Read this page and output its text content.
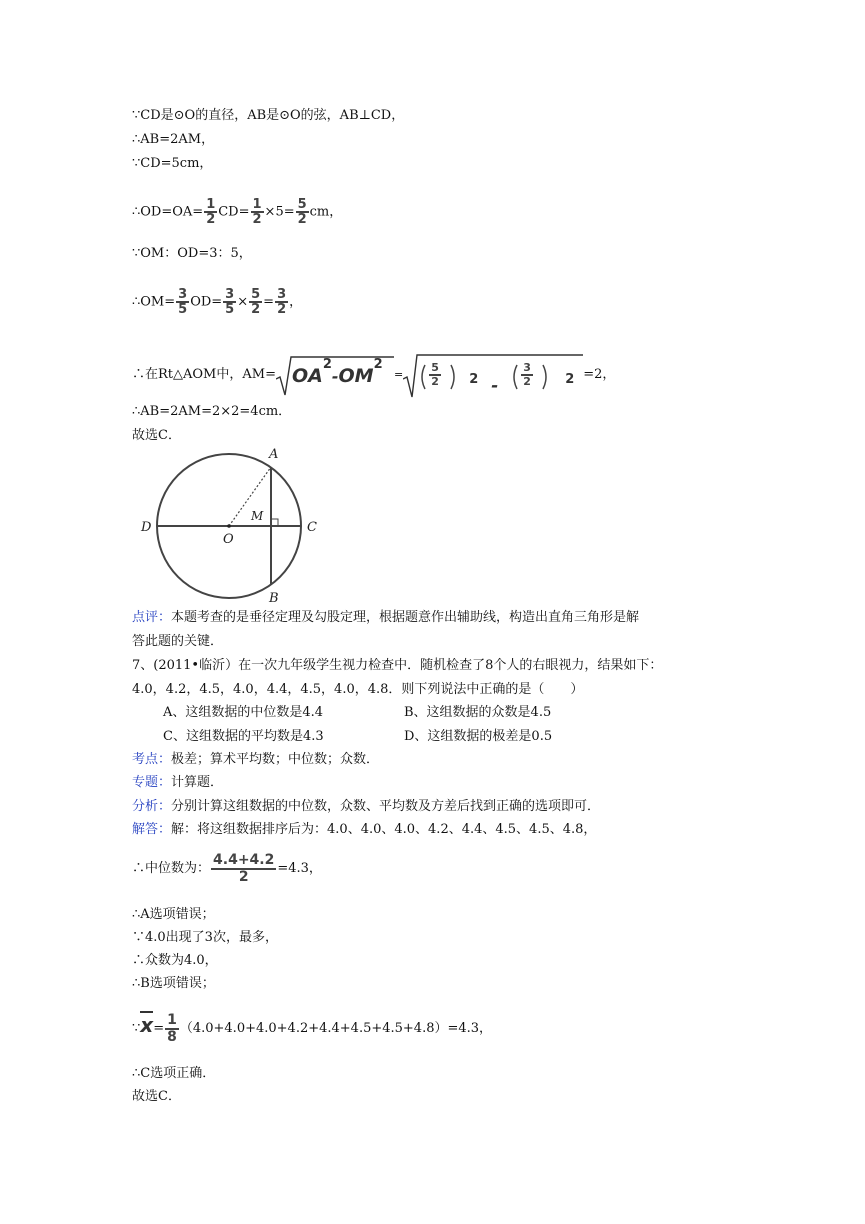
∵CD是⊙O的直径，AB是⊙O的弦，AB⊥CD，
∴AB=2AM，
∵CD=5cm，
∴OD=OA= $\frac{1}{2} CD= \frac{1}{2} \times 5= \frac{5}{2}$ cm，
∵OM：OD=3：5，
∴OM= $\frac{3}{5} OD= \frac{3}{5} \times \frac{5}{2} = \frac{3}{2}$ ，
∴在Rt△AOM中，AM= OA2-OM2
= $\frac{5}{2} 2 - \frac{3}{2} 2 =2$，
∴AB=2AM=2×2=4cm．
故选C．
A
B
C
D
O
M
点评：本题考查的是垂径定理及勾股定理，根据题意作出辅助线，构造出直角三角形是解
答此题的关键．
7、(2011•临沂）在一次九年级学生视力检查中．随机检查了8个人的右眼视力，结果如下：
4.0，4.2，4.5，4.0，4.4，4.5，4.0，4.8．则下列说法中正确的是（　　）
A、这组数据的中位数是4.4	B、这组数据的众数是4.5
C、这组数据的平均数是4.3	D、这组数据的极差是0.5
考点：极差；算术平均数；中位数；众数．
专题：计算题．
分析：分别计算这组数据的中位数，众数、平均数及方差后找到正确的选项即可．
解答：解：将这组数据排序后为：4.0、4.0、4.0、4.2、4.4、4.5、4.5、4.8，
∴中位数为： $\frac{4.4+4.2}{2} =4.3$，
∴A选项错误；
∵4.0出现了3次，最多，
∴众数为4.0，
∴B选项错误；
∵x= $\frac{1}{8} (4.0+4.0+4.0+4.2+4.4+4.5+4.5+4.8)=4.3$，
∴C选项正确．
故选C．
